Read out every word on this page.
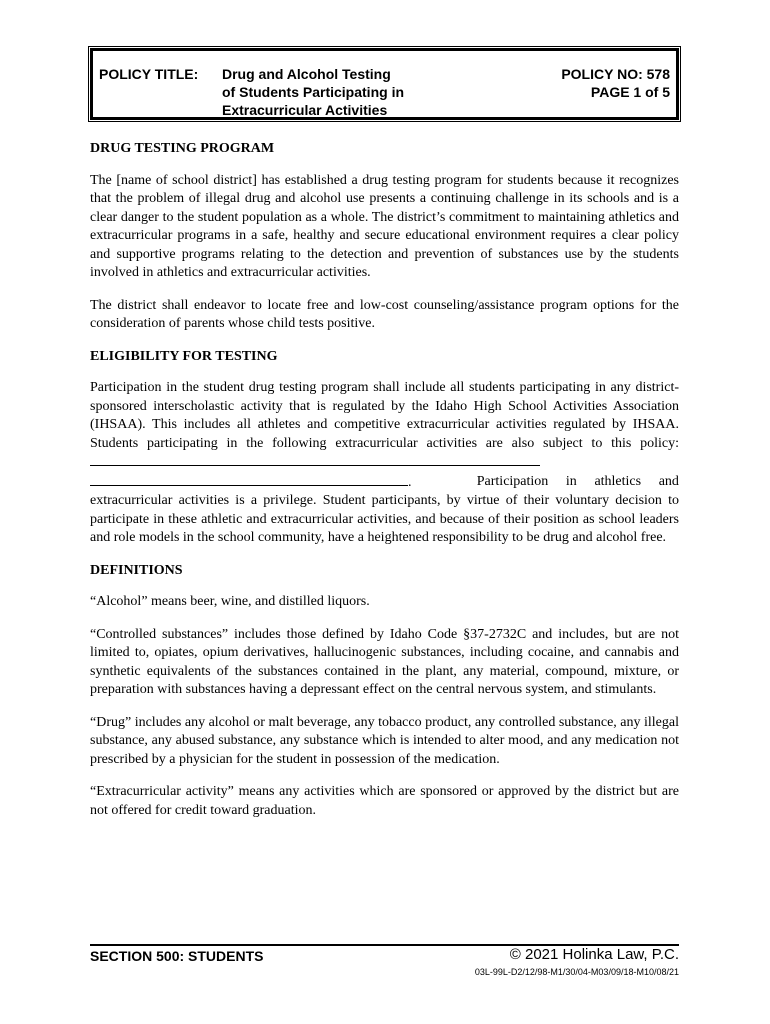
POLICY TITLE: Drug and Alcohol Testing
of Students Participating in
Extracurricular Activities
POLICY NO: 578
PAGE 1 of 5
DRUG TESTING PROGRAM

The [name of school district] has established a drug testing program for students because it recognizes that the problem of illegal drug and alcohol use presents a continuing challenge in its schools and is a clear danger to the student population as a whole. The district’s commitment to maintaining athletics and extracurricular programs in a safe, healthy and secure educational environment requires a clear policy and supportive programs relating to the detection and prevention of substances use by the students involved in athletics and extracurricular activities.

The district shall endeavor to locate free and low-cost counseling/assistance program options for the consideration of parents whose child tests positive.

ELIGIBILITY FOR TESTING
Participation in the student drug testing program shall include all students participating in any district-sponsored interscholastic activity that is regulated by the Idaho High School Activities Association (IHSAA). This includes all athletes and competitive extracurricular activities regulated by IHSAA. Students participating in the following extracurricular activities are also subject to this policy:
.	Participation in athletics and
extracurricular activities is a privilege. Student participants, by virtue of their voluntary decision to participate in these athletic and extracurricular activities, and because of their position as school leaders and role models in the school community, have a heightened responsibility to be drug and alcohol free.
DEFINITIONS

“Alcohol” means beer, wine, and distilled liquors.

“Controlled substances” includes those defined by Idaho Code §37-2732C and includes, but are not limited to, opiates, opium derivatives, hallucinogenic substances, including cocaine, and cannabis and synthetic equivalents of the substances contained in the plant, any material, compound, mixture, or preparation with substances having a depressant effect on the central nervous system, and stimulants.

“Drug” includes any alcohol or malt beverage, any tobacco product, any controlled substance, any illegal substance, any abused substance, any substance which is intended to alter mood, and any medication not prescribed by a physician for the student in possession of the medication.

“Extracurricular activity” means any activities which are sponsored or approved by the district but are not offered for credit toward graduation.

SECTION 500: STUDENTS	© 2021 Holinka Law, P.C.
03L-99L-D2/12/98-M1/30/04-M03/09/18-M10/08/21
